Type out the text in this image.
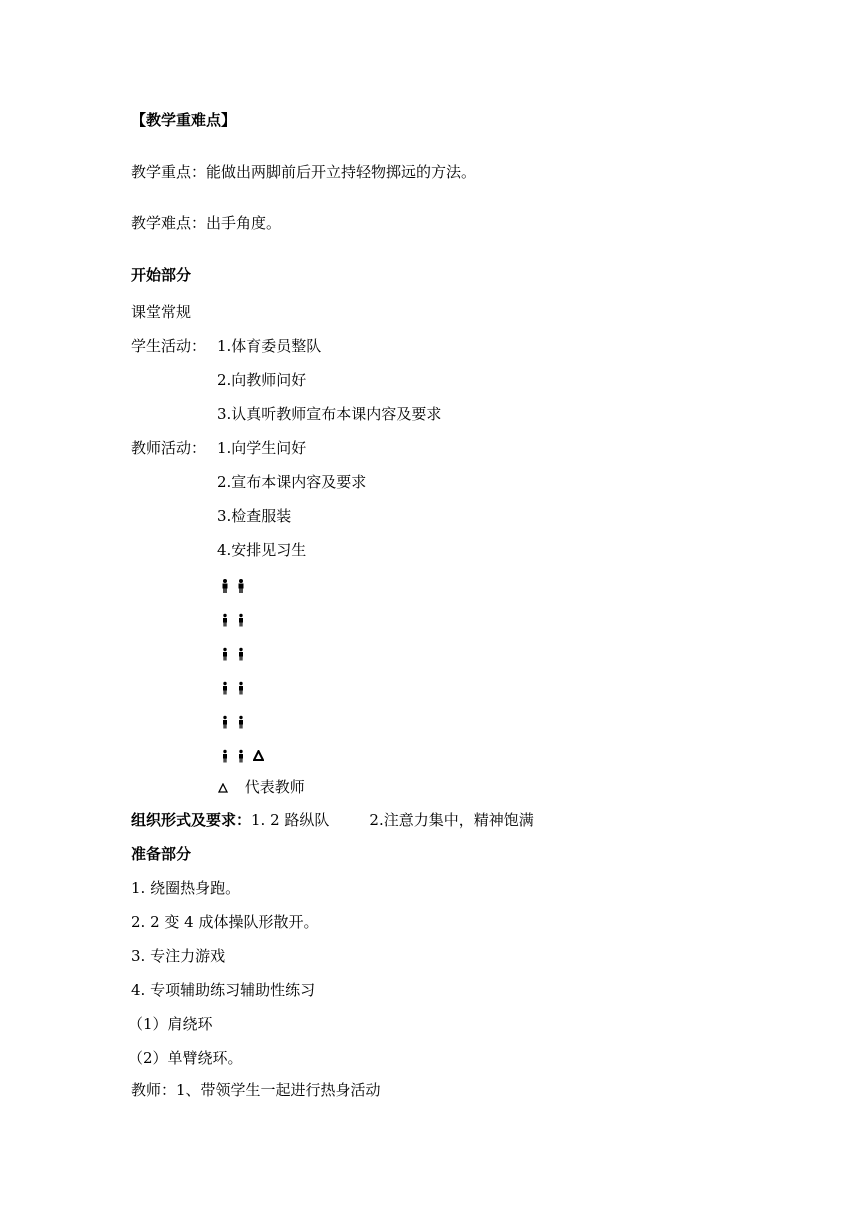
【教学重难点】
教学重点：能做出两脚前后开立持轻物掷远的方法。
教学难点：出手角度。
开始部分
课堂常规
学生活动： 1.体育委员整队
2.向教师问好
3.认真听教师宣布本课内容及要求
教师活动： 1.向学生问好
2.宣布本课内容及要求
3.检查服装
4.安排见习生
代表教师
组织形式及要求：1. 2 路纵队	2.注意力集中，精神饱满
准备部分
1. 绕圈热身跑。
2. 2 变 4 成体操队形散开。
3. 专注力游戏
4. 专项辅助练习辅助性练习
（1）肩绕环
（2）单臂绕环。
教师：1、带领学生一起进行热身活动
